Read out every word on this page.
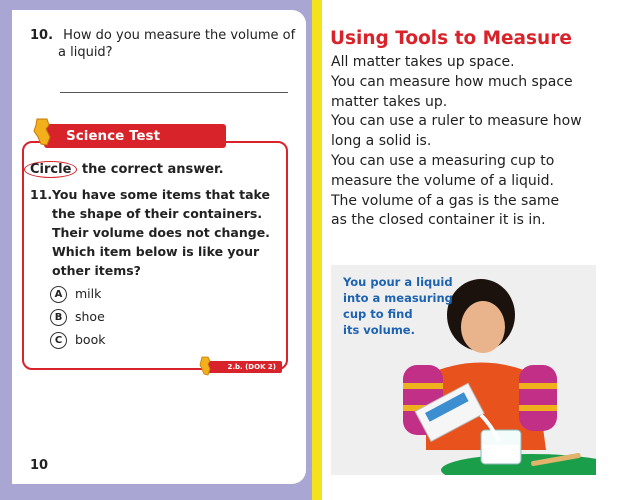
10. How do you measure the volume of
a liquid?
Science Test Practice
Circle the correct answer.
11. You have some items that take
the shape of their containers.
Their volume does not change.
Which item below is like your
other items?
A milk
B shoe
C book
2.b. (DOK 2)
10
Using Tools to Measure
All matter takes up space.
You can measure how much space
matter takes up.
You can use a ruler to measure how
long a solid is.
You can use a measuring cup to
measure the volume of a liquid.
The volume of a gas is the same
as the closed container it is in.
You pour a liquid
into a measuring
cup to find
its volume.
